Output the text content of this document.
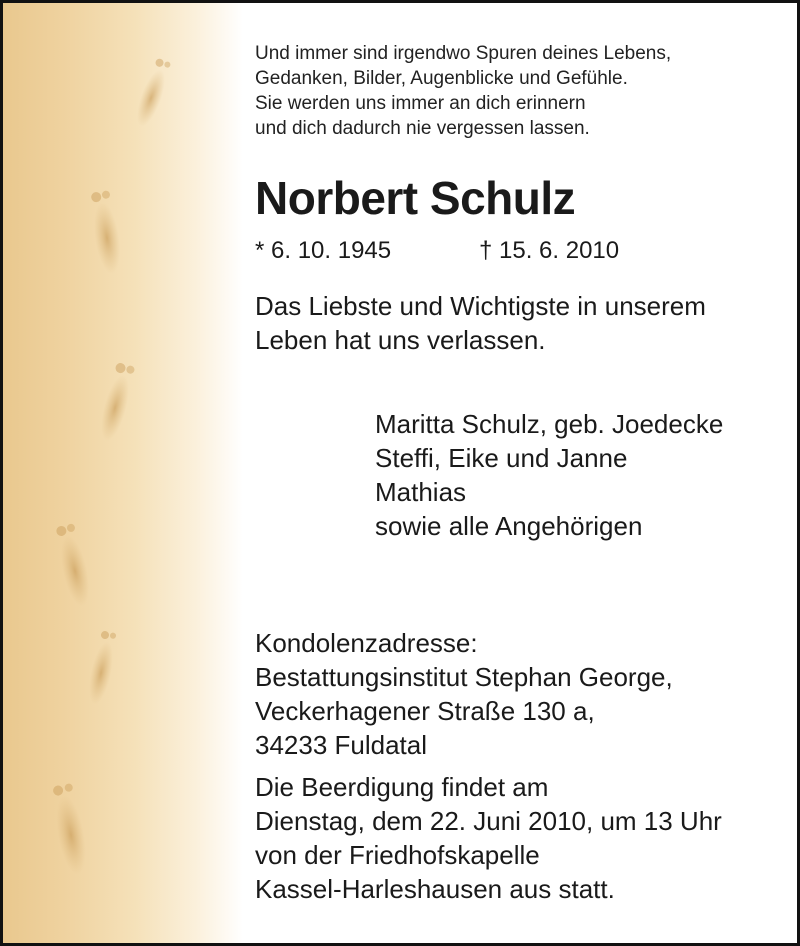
Und immer sind irgendwo Spuren deines Lebens,
Gedanken, Bilder, Augenblicke und Gefühle.
Sie werden uns immer an dich erinnern
und dich dadurch nie vergessen lassen.
Norbert Schulz
* 6. 10. 1945	† 15. 6. 2010
Das Liebste und Wichtigste in unserem
Leben hat uns verlassen.
Maritta Schulz, geb. Joedecke
Steffi, Eike und Janne
Mathias
sowie alle Angehörigen
Kondolenzadresse:
Bestattungsinstitut Stephan George,
Veckerhagener Straße 130 a,
34233 Fuldatal
Die Beerdigung findet am
Dienstag, dem 22. Juni 2010, um 13 Uhr
von der Friedhofskapelle
Kassel-Harleshausen aus statt.
